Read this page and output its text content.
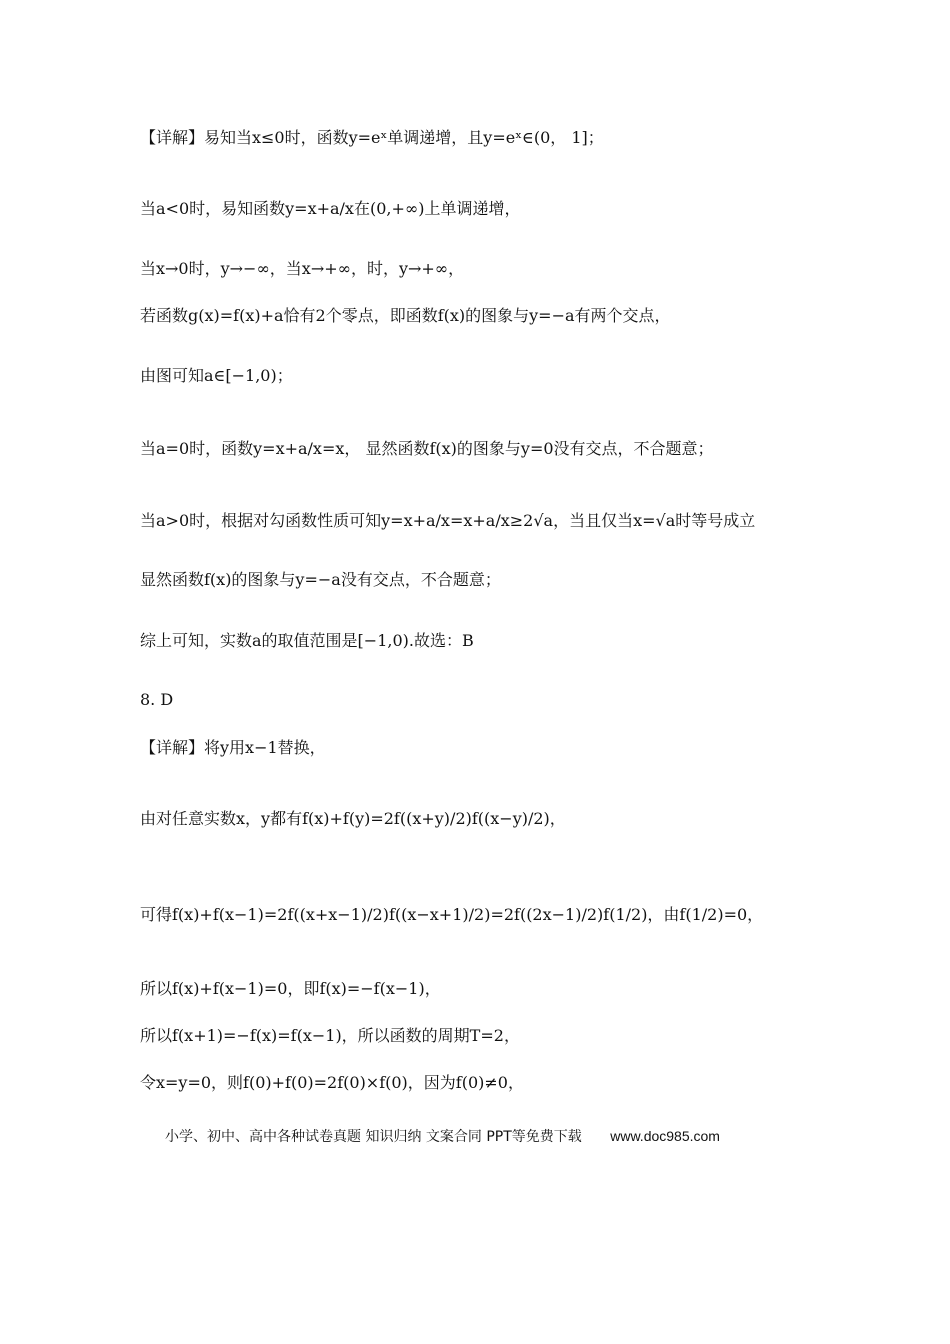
【详解】易知当x≤0时，函数y=eˣ单调递增，且y=eˣ∈(0， 1]；
当a<0时，易知函数y=x+a/x在(0,+∞)上单调递增，
当x→0时，y→−∞，当x→+∞，时，y→+∞，
若函数g(x)=f(x)+a恰有2个零点，即函数f(x)的图象与y=−a有两个交点，
由图可知a∈[−1,0)；
当a=0时，函数y=x+a/x=x， 显然函数f(x)的图象与y=0没有交点，不合题意；
当a>0时，根据对勾函数性质可知y=x+a/x=x+a/x≥2√a，当且仅当x=√a时等号成立
显然函数f(x)的图象与y=−a没有交点，不合题意；
综上可知，实数a的取值范围是[−1,0).故选：B
8. D
【详解】将y用x−1替换，
由对任意实数x，y都有f(x)+f(y)=2f((x+y)/2)f((x−y)/2)，
可得f(x)+f(x−1)=2f((x+x−1)/2)f((x−x+1)/2)=2f((2x−1)/2)f(1/2)，由f(1/2)=0，
所以f(x)+f(x−1)=0，即f(x)=−f(x−1)，
所以f(x+1)=−f(x)=f(x−1)，所以函数的周期T=2，
令x=y=0，则f(0)+f(0)=2f(0)×f(0)，因为f(0)≠0，
小学、初中、高中各种试卷真题 知识归纳 文案合同 PPT等免费下载 www.doc985.com
